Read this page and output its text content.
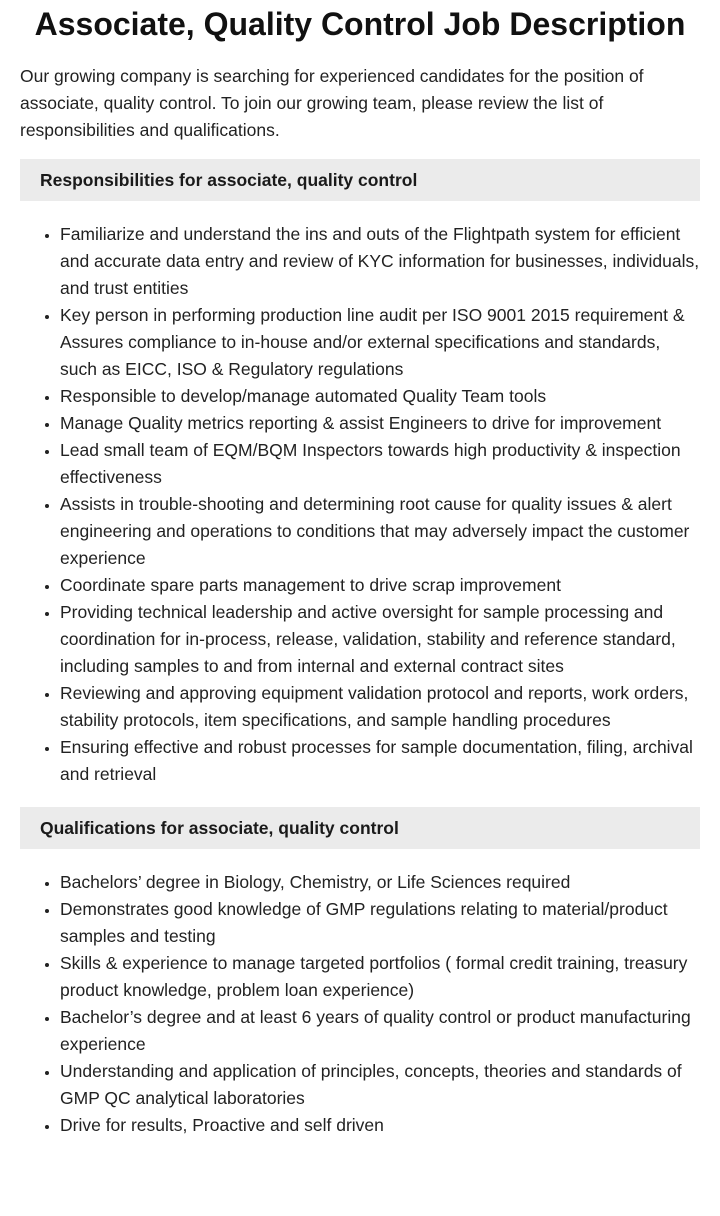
Associate, Quality Control Job Description

Our growing company is searching for experienced candidates for the position of associate, quality control. To join our growing team, please review the list of responsibilities and qualifications.

Responsibilities for associate, quality control
• Familiarize and understand the ins and outs of the Flightpath system for efficient and accurate data entry and review of KYC information for businesses, individuals, and trust entities
• Key person in performing production line audit per ISO 9001 2015 requirement & Assures compliance to in-house and/or external specifications and standards, such as EICC, ISO & Regulatory regulations
• Responsible to develop/manage automated Quality Team tools
• Manage Quality metrics reporting & assist Engineers to drive for improvement
• Lead small team of EQM/BQM Inspectors towards high productivity & inspection effectiveness
• Assists in trouble-shooting and determining root cause for quality issues & alert engineering and operations to conditions that may adversely impact the customer experience
• Coordinate spare parts management to drive scrap improvement
• Providing technical leadership and active oversight for sample processing and coordination for in-process, release, validation, stability and reference standard, including samples to and from internal and external contract sites
• Reviewing and approving equipment validation protocol and reports, work orders, stability protocols, item specifications, and sample handling procedures
• Ensuring effective and robust processes for sample documentation, filing, archival and retrieval
Qualifications for associate, quality control
• Bachelors’ degree in Biology, Chemistry, or Life Sciences required
• Demonstrates good knowledge of GMP regulations relating to material/product samples and testing
• Skills & experience to manage targeted portfolios ( formal credit training, treasury product knowledge, problem loan experience)
• Bachelor’s degree and at least 6 years of quality control or product manufacturing experience
• Understanding and application of principles, concepts, theories and standards of GMP QC analytical laboratories
• Drive for results, Proactive and self driven
